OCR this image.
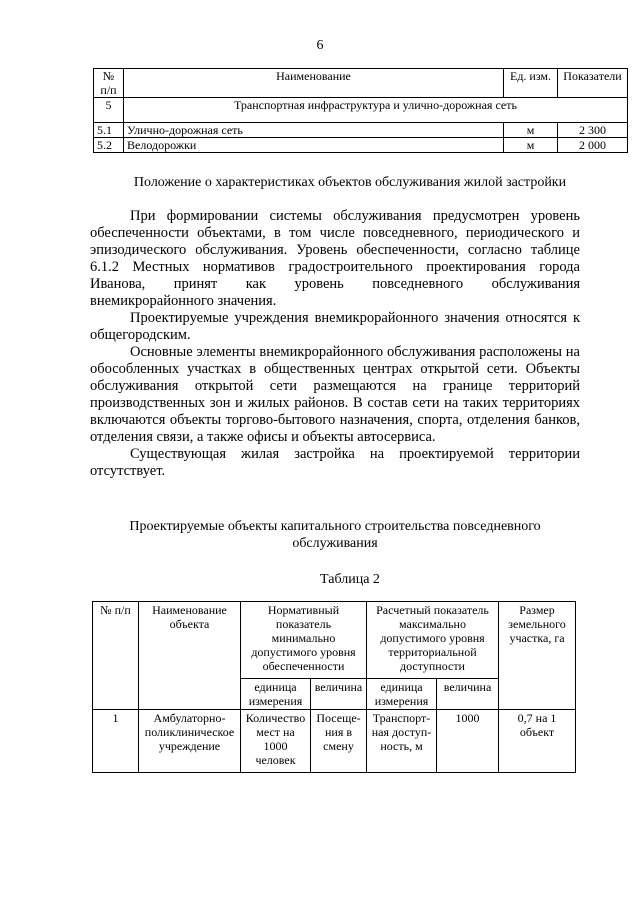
6
№ п/п	Наименование	Ед. изм.	Показатели
5	Транспортная инфраструктура и улично-дорожная сеть		
5.1	Улично-дорожная сеть	м	2 300
5.2	Велодорожки	м	2 000
Положение о характеристиках объектов обслуживания жилой застройки

При формировании системы обслуживания предусмотрен уровень обеспеченности объектами, в том числе повседневного, периодического и эпизодического обслуживания. Уровень обеспеченности, согласно таблице 6.1.2 Местных нормативов градостроительного проектирования города Иванова, принят как уровень повседневного обслуживания внемикрорайонного значения.

Проектируемые учреждения внемикрорайонного значения относятся к общегородским.

Основные элементы внемикрорайонного обслуживания расположены на обособленных участках в общественных центрах открытой сети. Объекты обслуживания открытой сети размещаются на границе территорий производственных зон и жилых районов. В состав сети на таких территориях включаются объекты торгово-бытового назначения, спорта, отделения банков, отделения связи, а также офисы и объекты автосервиса.

Существующая жилая застройка на проектируемой территории отсутствует.

Проектируемые объекты капитального строительства повседневного обслуживания
Таблица 2
№ п/п	Наименование объекта	Нормативный показатель минимально допустимого уровня обеспеченности		Расчетный показатель максимально допустимого уровня территориальной доступности		Размер земельного участка, га
		единица измерения	величина	единица измерения	величина	
1	Амбулаторно-поликлиническое учреждение	Количество мест на 1000 человек	Посеще-ния в смену	Транспорт-ная доступ-ность, м	1000	0,7 на 1 объект
